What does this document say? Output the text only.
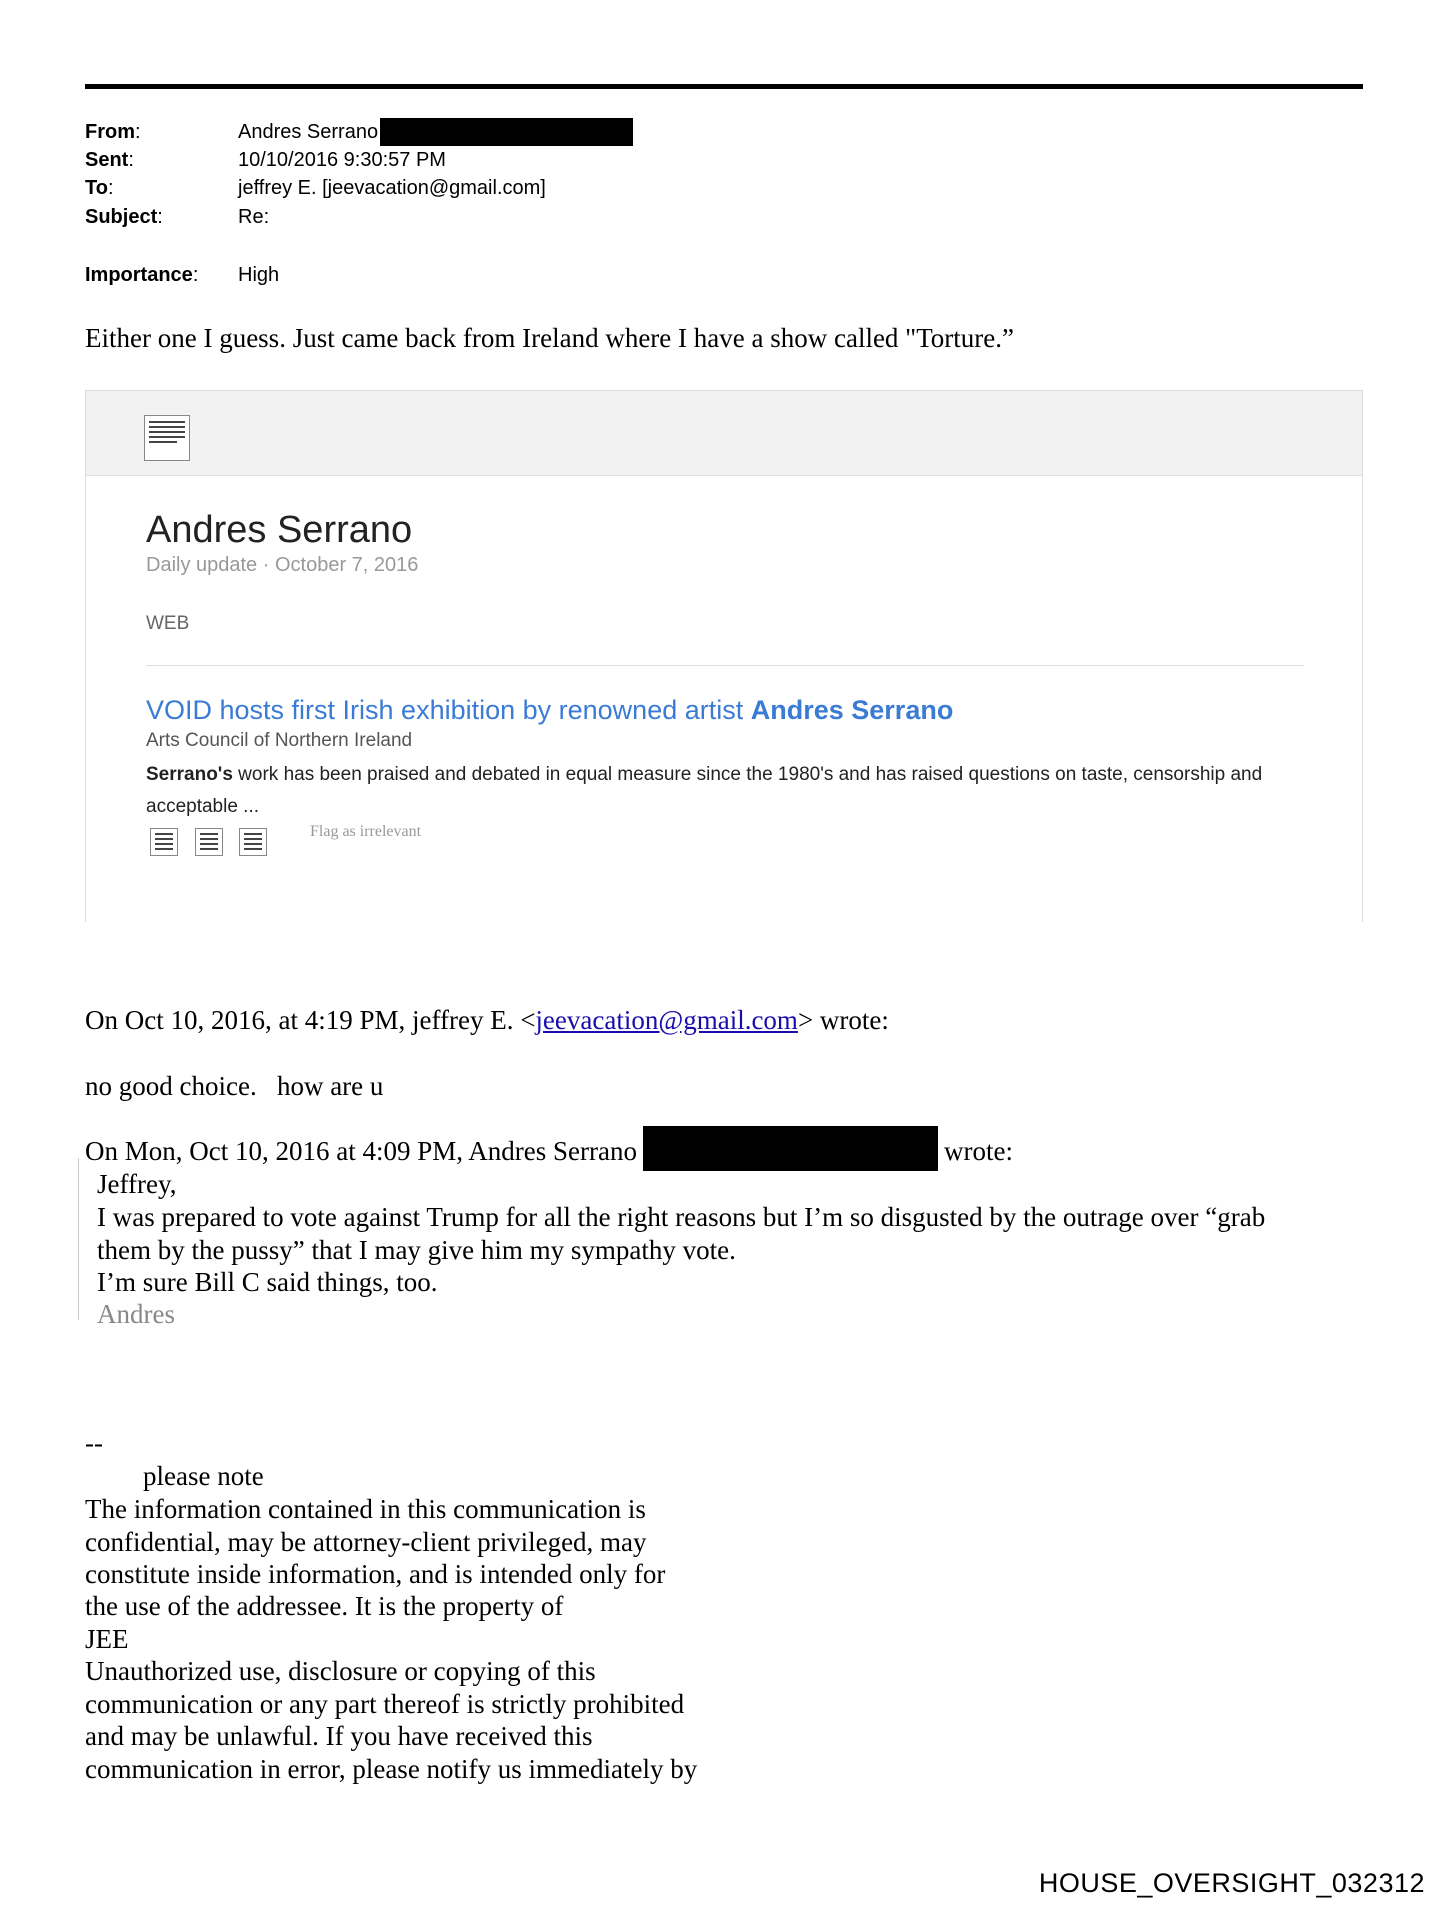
From:	Andres Serrano
Sent:	10/10/2016 9:30:57 PM
To:	jeffrey E. [jeevacation@gmail.com]
Subject:	Re:
Importance: High
Either one I guess. Just came back from Ireland where I have a show called "Torture.”
Andres Serrano
Daily update · October 7, 2016
WEB
VOID hosts first Irish exhibition by renowned artist Andres Serrano
Arts Council of Northern Ireland
Serrano's work has been praised and debated in equal measure since the 1980's and has raised questions on taste, censorship and acceptable ...
Flag as irrelevant
On Oct 10, 2016, at 4:19 PM, jeffrey E. <jeevacation@gmail.com> wrote:
no good choice.   how are u
On Mon, Oct 10, 2016 at 4:09 PM, Andres Serrano	wrote:
Jeffrey,
I was prepared to vote against Trump for all the right reasons but I’m so disgusted by the outrage over “grab
them by the pussy” that I may give him my sympathy vote.
I’m sure Bill C said things, too.
Andres
--
please note
The information contained in this communication is
confidential, may be attorney-client privileged, may
constitute inside information, and is intended only for
the use of the addressee. It is the property of
JEE
Unauthorized use, disclosure or copying of this
communication or any part thereof is strictly prohibited
and may be unlawful. If you have received this
communication in error, please notify us immediately by
HOUSE_OVERSIGHT_032312
